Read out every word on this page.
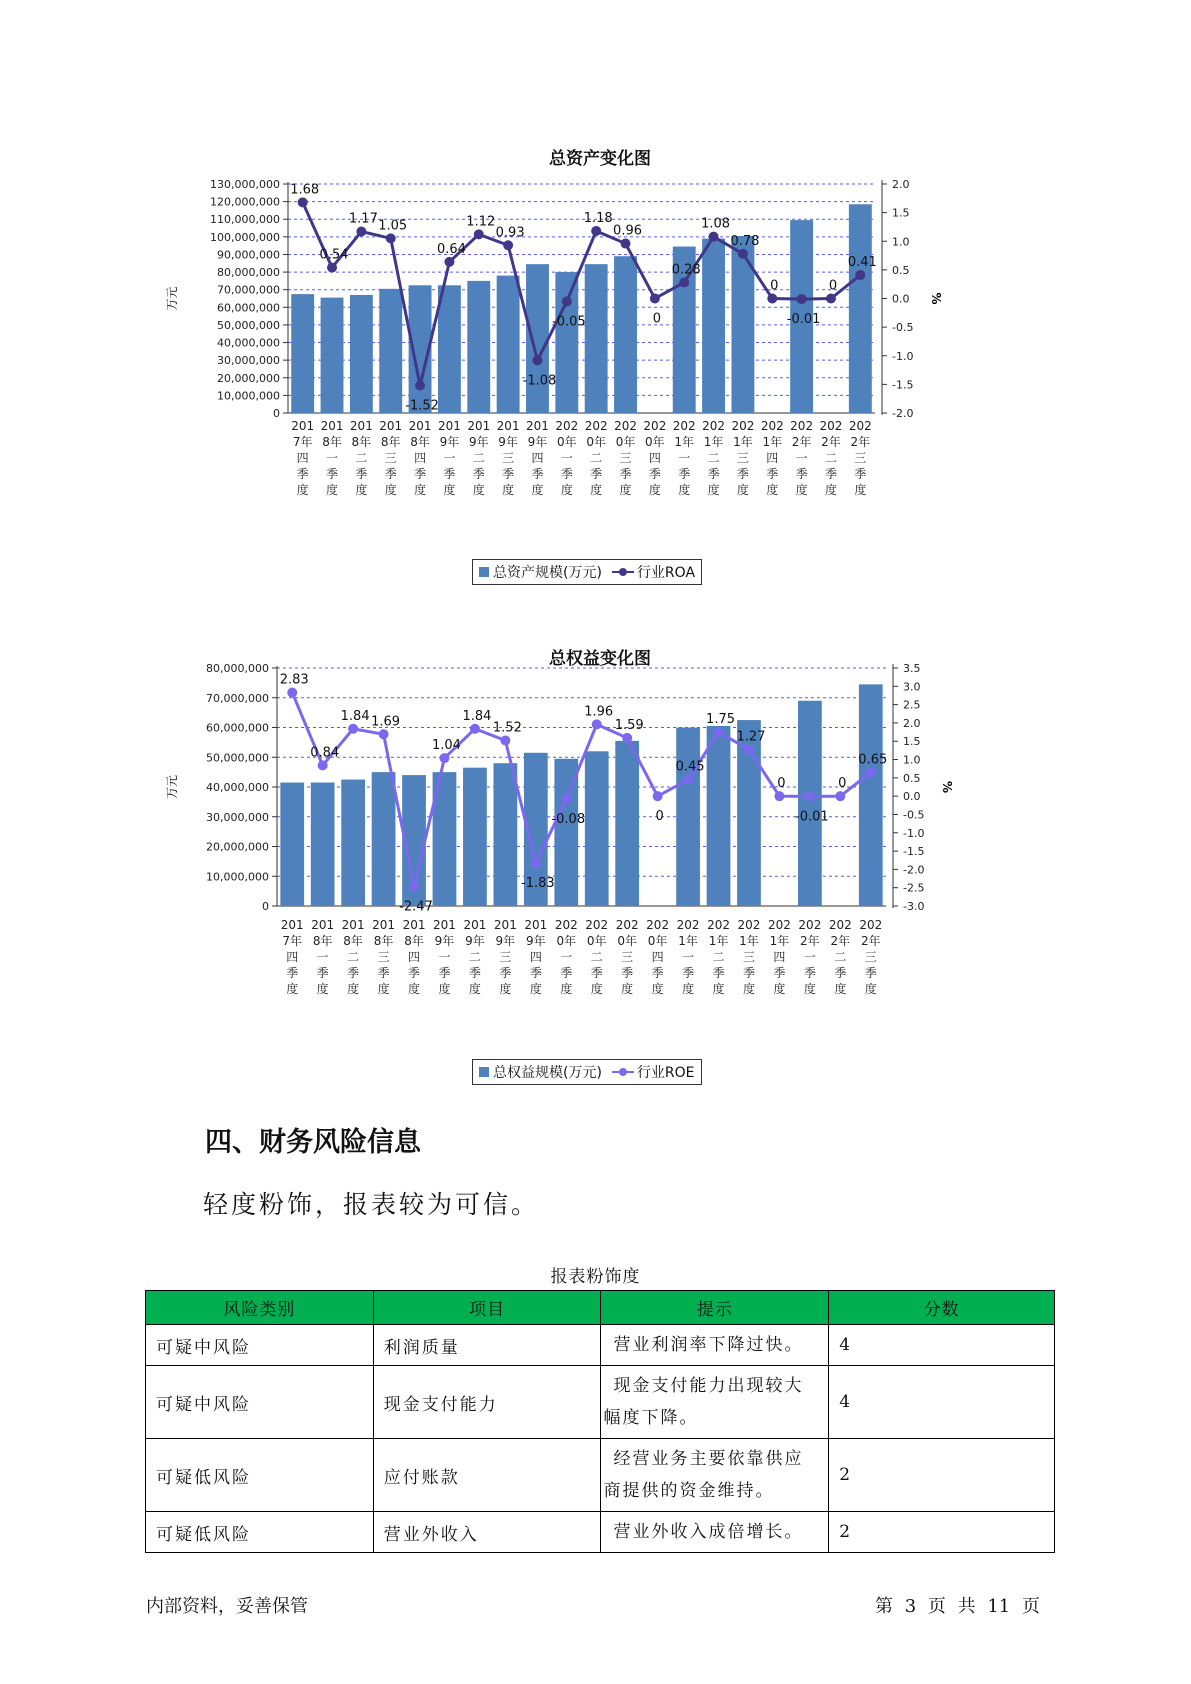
总资产变化图
0
10,000,000
20,000,000
30,000,000
40,000,000
50,000,000
60,000,000
70,000,000
80,000,000
90,000,000
100,000,000
110,000,000
120,000,000
130,000,000	2.0
1.5
1.0
0.5
0.0
-0.5
-1.0
-1.5
-2.0
万元	%
201 7年四季度
201 8年一季度
201 8年二季度
201 8年三季度
201 8年四季度
201 9年一季度
201 9年二季度
201 9年三季度
201 9年四季度
202 0年一季度
202 0年二季度
202 0年三季度
202 0年四季度
202 1年一季度
202 1年二季度
202 1年三季度
202 1年四季度
202 2年一季度
202 2年二季度
202 2年三季度
1.68
0.54
1.17 1.05
-1.52
0.64
1.12
0.93
-1.08
-0.05
1.18
0.96
0
0.28
1.08
0.78
0
-0.01
0
0.41
总资产规模(万元)	行业ROA
总权益变化图
0
10,000,000
20,000,000
30,000,000
40,000,000
50,000,000
60,000,000
70,000,000
80,000,000	3.5
3.0
2.5
2.0
1.5
1.0
0.5
0.0
-0.5
-1.0
-1.5
-2.0
-2.5
-3.0
万元	%
201 7年四季度
201 8年一季度
201 8年二季度
201 8年三季度
201 8年四季度
201 9年一季度
201 9年二季度
201 9年三季度
201 9年四季度
202 0年一季度
202 0年二季度
202 0年三季度
202 0年四季度
202 1年一季度
202 1年二季度
202 1年三季度
202 1年四季度
202 2年一季度
202 2年二季度
202 2年三季度
2.83
0.84
1.84 1.69
-2.47
1.04
1.84
1.52
-1.83
-0.08
1.96
1.59
0
0.45
1.75
1.27
0
-0.01
0
0.65
总权益规模(万元)	行业ROE
四、财务风险信息

轻度粉饰，报表较为可信。

报表粉饰度
风险类别	项目	提示	分数
可疑中风险	利润质量	营业利润率下降过快。	4
可疑中风险	现金支付能力	现金支付能力出现较大幅度下降。	4
可疑低风险	应付账款	经营业务主要依靠供应商提供的资金维持。	2
可疑低风险	营业外收入	营业外收入成倍增长。	2
内部资料，妥善保管	第 3 页 共 11 页
